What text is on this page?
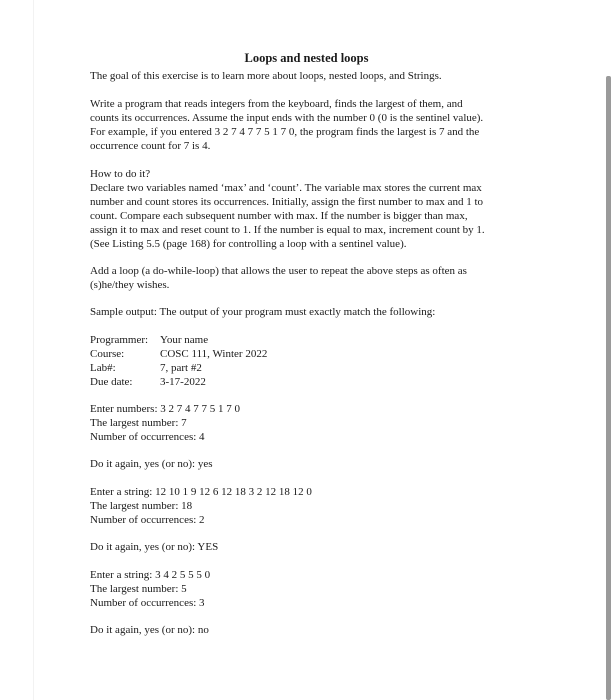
Loops and nested loops
The goal of this exercise is to learn more about loops, nested loops, and Strings.
Write a program that reads integers from the keyboard, finds the largest of them, and
counts its occurrences. Assume the input ends with the number 0 (0 is the sentinel value).
For example, if you entered 3 2 7 4 7 7 5 1 7 0, the program finds the largest is 7 and the
occurrence count for 7 is 4.
How to do it?
Declare two variables named ‘max’ and ‘count’. The variable max stores the current max
number and count stores its occurrences. Initially, assign the first number to max and 1 to
count. Compare each subsequent number with max. If the number is bigger than max,
assign it to max and reset count to 1. If the number is equal to max, increment count by 1.
(See Listing 5.5 (page 168) for controlling a loop with a sentinel value).
Add a loop (a do-while-loop) that allows the user to repeat the above steps as often as
(s)he/they wishes.
Sample output: The output of your program must exactly match the following:
Programmer: Your name
Course:	COSC 111, Winter 2022
Lab#:	7, part #2
Due date:	3-17-2022
Enter numbers: 3 2 7 4 7 7 5 1 7 0
The largest number: 7
Number of occurrences: 4
Do it again, yes (or no): yes
Enter a string: 12 10 1 9 12 6 12 18 3 2 12 18 12 0
The largest number: 18
Number of occurrences: 2
Do it again, yes (or no): YES
Enter a string: 3 4 2 5 5 5 0
The largest number: 5
Number of occurrences: 3
Do it again, yes (or no): no
